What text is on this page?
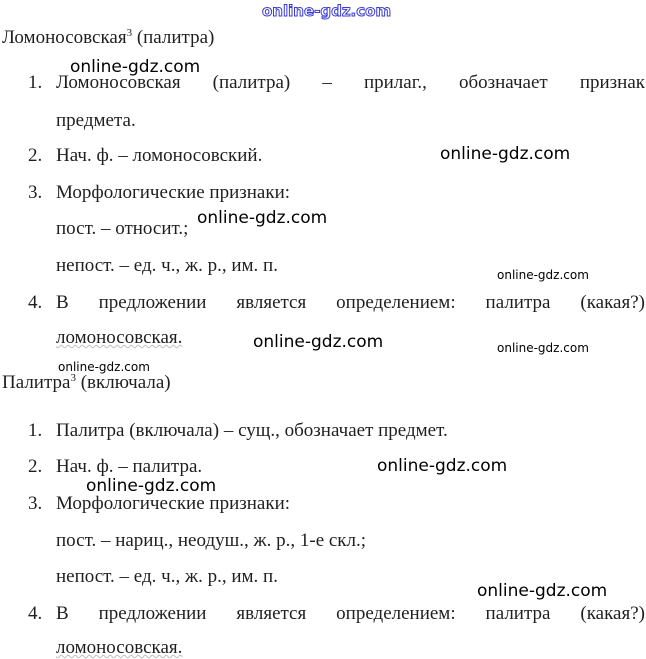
online-gdz.com
Ломоносовская$^3$ (палитра)
1. Ломоносовская (палитра) – прилаг., обозначает признак
предмета.
2. Нач. ф. – ломоносовский.
3. Морфологические признаки:
пост. – относит.;
непост. – ед. ч., ж. р., им. п.
4. В предложении является определением: палитра (какая?)
ломоносовская.
Палитра$^3$ (включала)
1. Палитра (включала) – сущ., обозначает предмет.
2. Нач. ф. – палитра.
3. Морфологические признаки:
пост. – нариц., неодуш., ж. р., 1-е скл.;
непост. – ед. ч., ж. р., им. п.
4. В предложении является определением: палитра (какая?)
ломоносовская.
online-gdz.com
online-gdz.com
online-gdz.com
online-gdz.com
online-gdz.com	online-gdz.com
online-gdz.com
online-gdz.com
online-gdz.com
online-gdz.com
